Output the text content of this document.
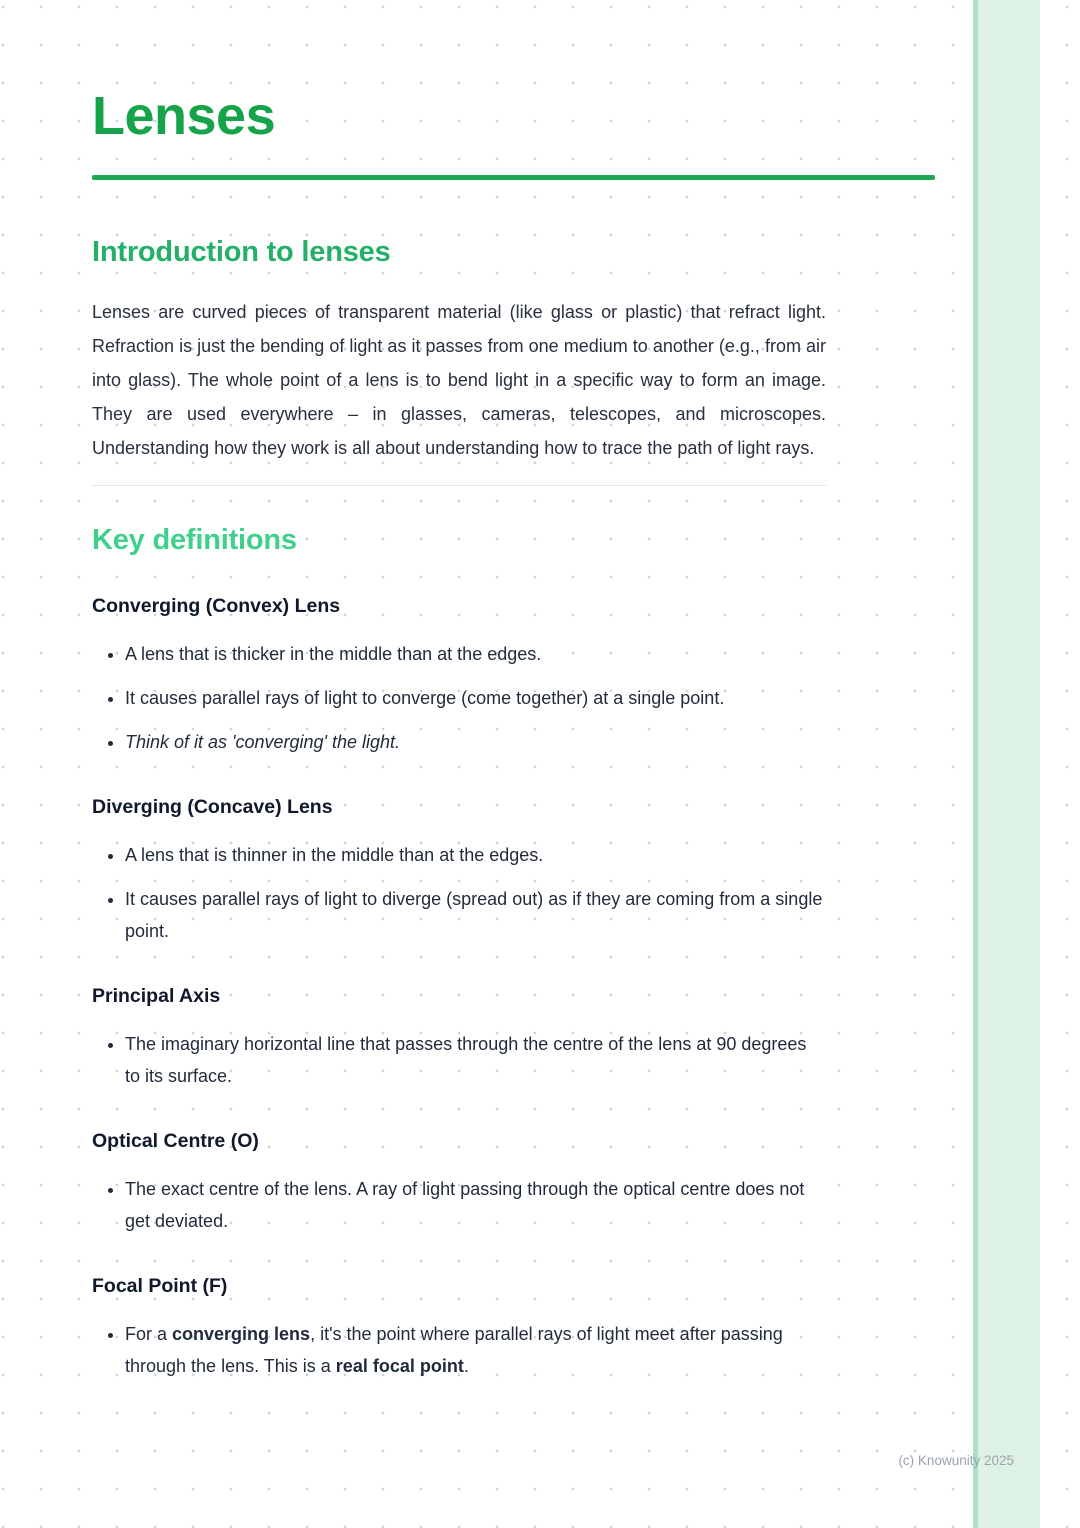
Lenses
Introduction to lenses

Lenses are curved pieces of transparent material (like glass or plastic) that refract light. Refraction is just the bending of light as it passes from one medium to another (e.g., from air into glass). The whole point of a lens is to bend light in a specific way to form an image. They are used everywhere – in glasses, cameras, telescopes, and microscopes. Understanding how they work is all about understanding how to trace the path of light rays.

Key definitions
Converging (Convex) Lens
• A lens that is thicker in the middle than at the edges.
• It causes parallel rays of light to converge (come together) at a single point.
• Think of it as 'converging' the light.
Diverging (Concave) Lens
• A lens that is thinner in the middle than at the edges.
• It causes parallel rays of light to diverge (spread out) as if they are coming from a single point.
Principal Axis
• The imaginary horizontal line that passes through the centre of the lens at 90 degrees to its surface.
Optical Centre (O)
• The exact centre of the lens. A ray of light passing through the optical centre does not get deviated.
Focal Point (F)
• For a converging lens, it's the point where parallel rays of light meet after passing through the lens. This is a real focal point.
(c) Knowunity 2025
